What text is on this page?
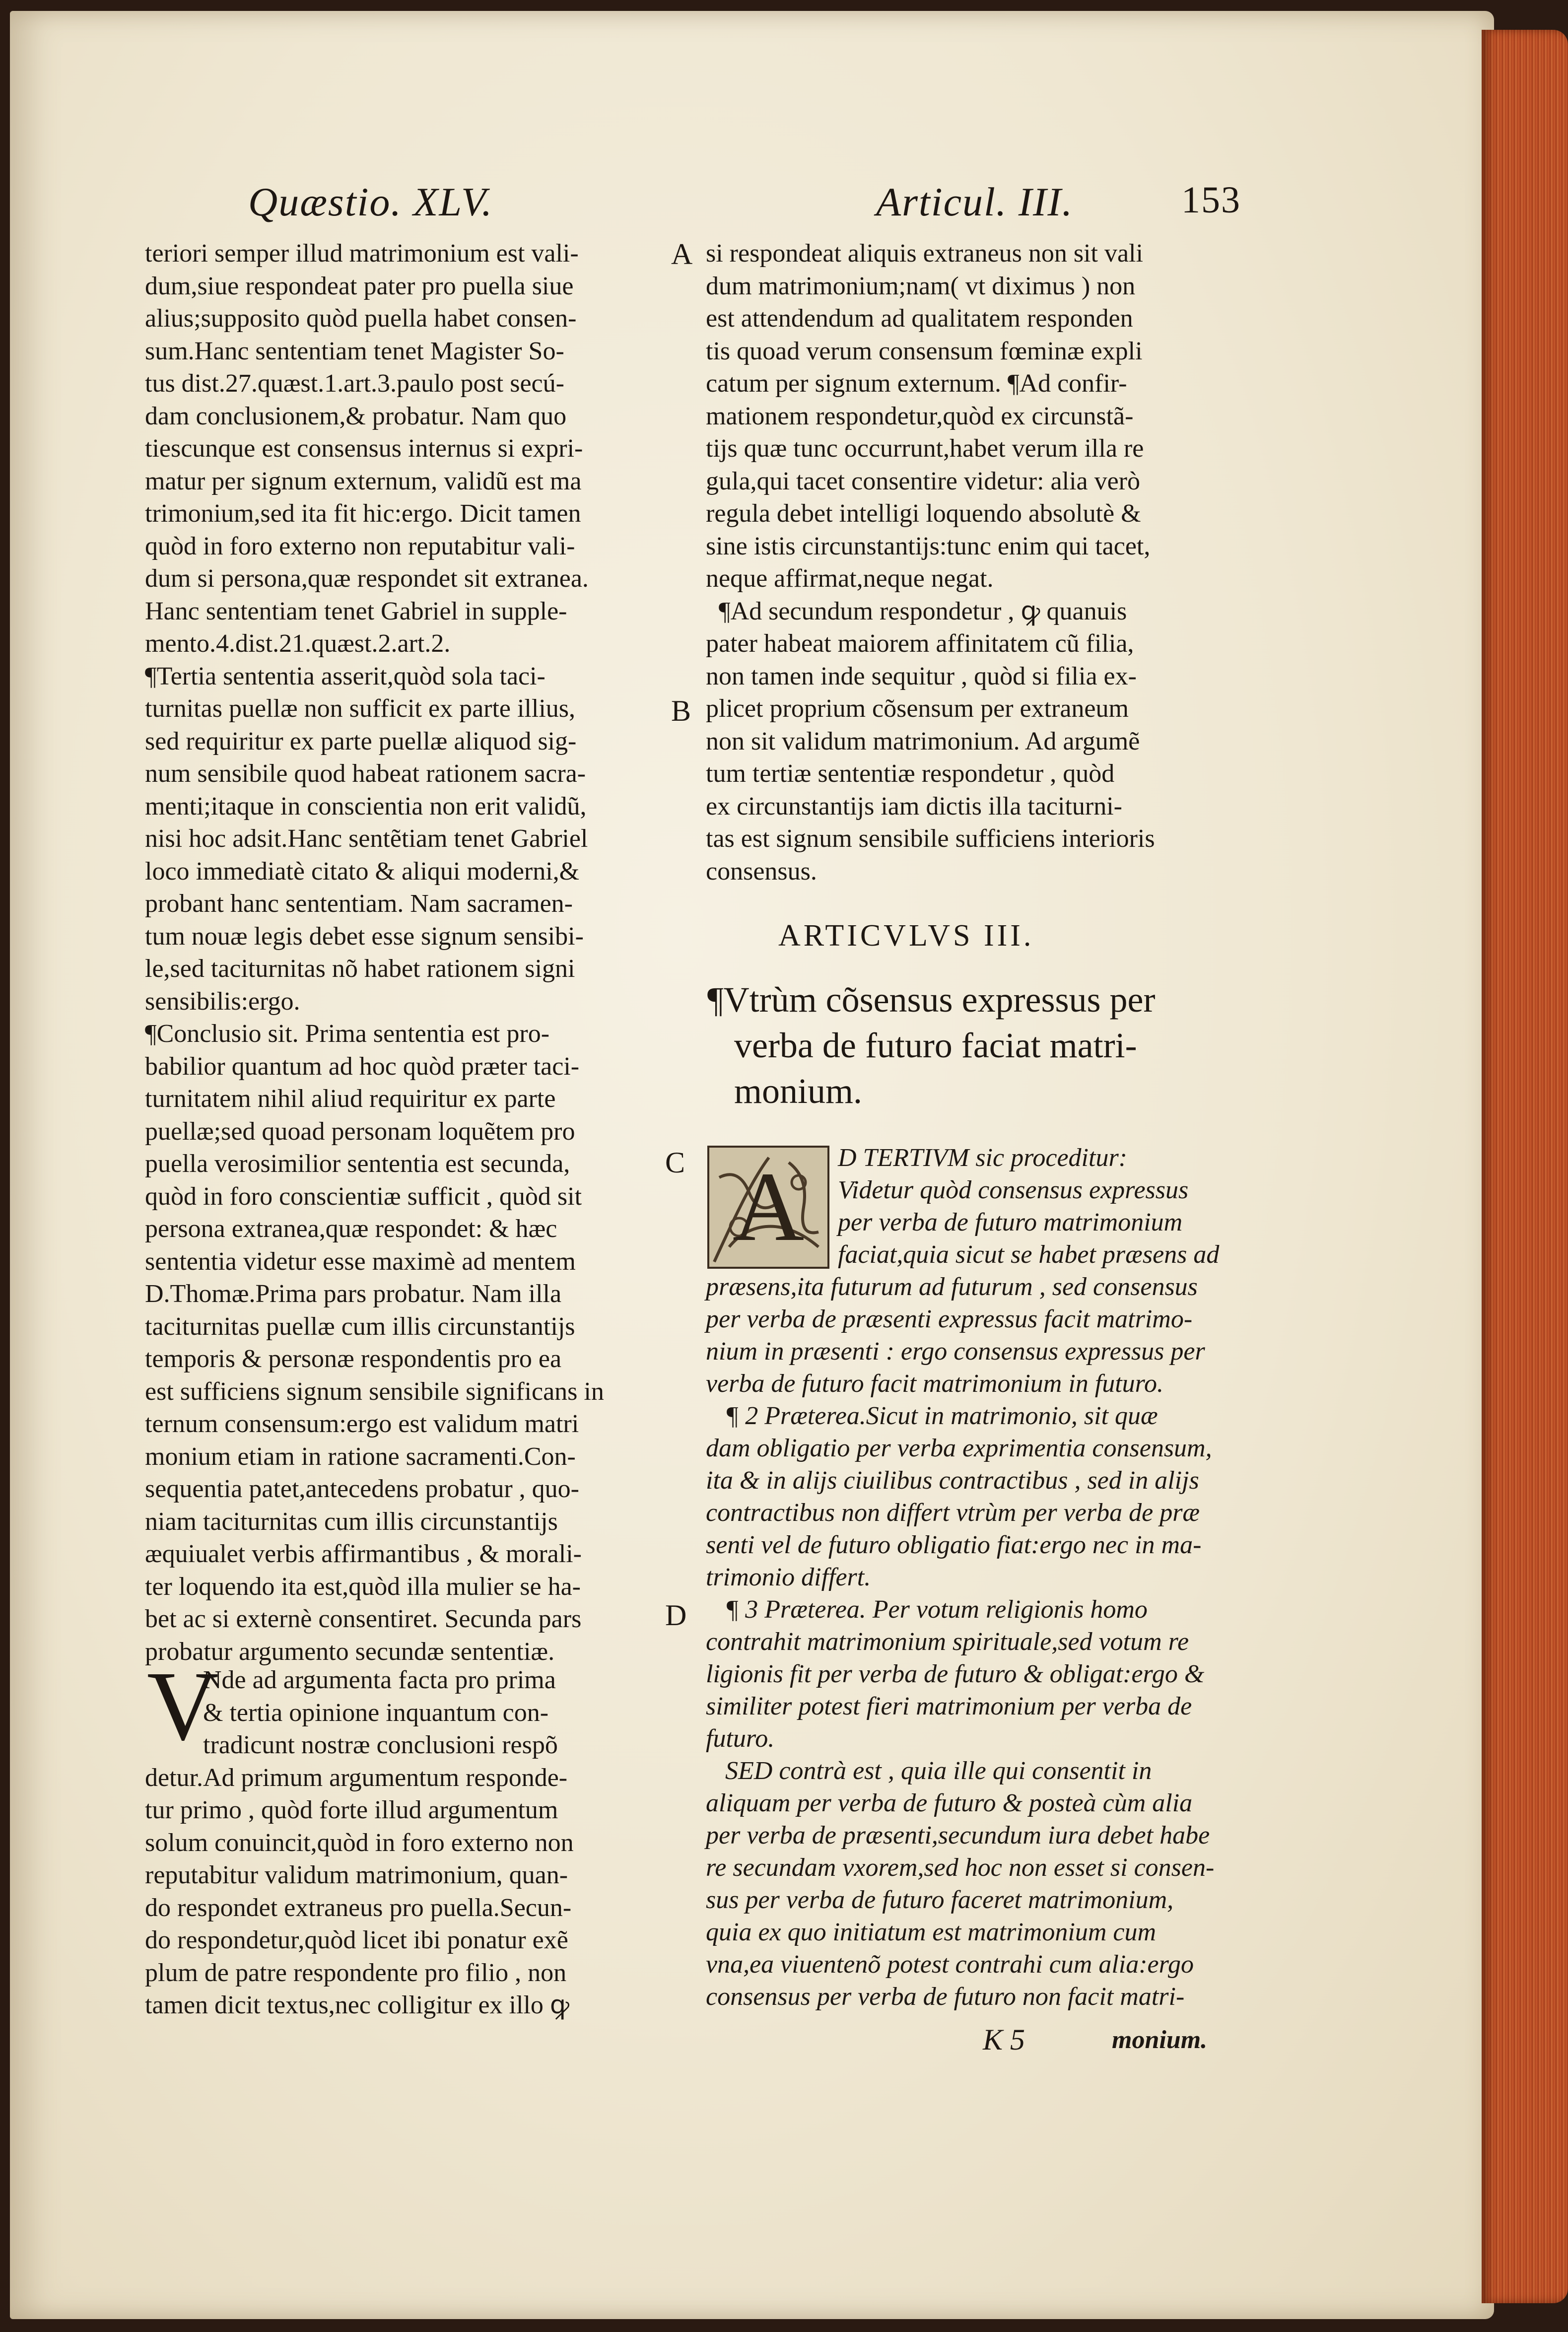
Quæstio. XLV.	Articul. III.	153
A
B
C
D

teriori semper illud matrimonium est vali-

dum,siue respondeat pater pro puella siue

alius;supposito quòd puella habet consen-

sum.Hanc sententiam tenet Magister So-

tus dist.27.quæst.1.art.3.paulo post secú-

dam conclusionem,& probatur. Nam quo

tiescunque est consensus internus si expri-

matur per signum externum, validũ est ma

trimonium,sed ita fit hic:ergo. Dicit tamen

quòd in foro externo non reputabitur vali-

dum si persona,quæ respondet sit extranea.

Hanc sententiam tenet Gabriel in supple-

mento.4.dist.21.quæst.2.art.2.

¶Tertia sententia asserit,quòd sola taci-

turnitas puellæ non sufficit ex parte illius,

sed requiritur ex parte puellæ aliquod sig-

num sensibile quod habeat rationem sacra-

menti;itaque in conscientia non erit validũ,

nisi hoc adsit.Hanc sentẽtiam tenet Gabriel

loco immediatè citato & aliqui moderni,&

probant hanc sententiam. Nam sacramen-

tum nouæ legis debet esse signum sensibi-

le,sed taciturnitas nõ habet rationem signi

sensibilis:ergo.

¶Conclusio sit. Prima sententia est pro-

babilior quantum ad hoc quòd præter taci-

turnitatem nihil aliud requiritur ex parte

puellæ;sed quoad personam loquẽtem pro

puella verosimilior sententia est secunda,

quòd in foro conscientiæ sufficit , quòd sit

persona extranea,quæ respondet: & hæc

sententia videtur esse maximè ad mentem

D.Thomæ.Prima pars probatur. Nam illa

taciturnitas puellæ cum illis circunstantijs

temporis & personæ respondentis pro ea

est sufficiens signum sensibile significans in

ternum consensum:ergo est validum matri

monium etiam in ratione sacramenti.Con-

sequentia patet,antecedens probatur , quo-

niam taciturnitas cum illis circunstantijs

æquiualet verbis affirmantibus , & morali-

ter loquendo ita est,quòd illa mulier se ha-

bet ac si externè consentiret. Secunda pars

probatur argumento secundæ sententiæ.

V

Nde ad argumenta facta pro prima

& tertia opinione inquantum con-

tradicunt nostræ conclusioni respõ

detur.Ad primum argumentum responde-

tur primo , quòd forte illud argumentum

solum conuincit,quòd in foro externo non

reputabitur validum matrimonium, quan-

do respondet extraneus pro puella.Secun-

do respondetur,quòd licet ibi ponatur exẽ

plum de patre respondente pro filio , non

tamen dicit textus,nec colligitur ex illo ꝙ

si respondeat aliquis extraneus non sit vali

dum matrimonium;nam( vt diximus ) non

est attendendum ad qualitatem responden

tis quoad verum consensum fœminæ expli

catum per signum externum. ¶Ad confir-

mationem respondetur,quòd ex circunstã-

tijs quæ tunc occurrunt,habet verum illa re

gula,qui tacet consentire videtur: alia verò

regula debet intelligi loquendo absolutè &

sine istis circunstantijs:tunc enim qui tacet,

neque affirmat,neque negat.

¶Ad secundum respondetur , ꝙ quanuis

pater habeat maiorem affinitatem cũ filia,

non tamen inde sequitur , quòd si filia ex-

plicet proprium cõsensum per extraneum

non sit validum matrimonium. Ad argumẽ

tum tertiæ sententiæ respondetur , quòd

ex circunstantijs iam dictis illa taciturni-

tas est signum sensibile sufficiens interioris

consensus.

ARTICVLVS III.
¶Vtrùm cõsensus expressus per
verba de futuro faciat matri-
monium.
A	D TERTIVM sic proceditur:

Videtur quòd consensus expressus

per verba de futuro matrimonium

faciat,quia sicut se habet præsens ad

præsens,ita futurum ad futurum , sed consensus

per verba de præsenti expressus facit matrimo-

nium in præsenti : ergo consensus expressus per

verba de futuro facit matrimonium in futuro.

¶ 2 Præterea.Sicut in matrimonio, sit quæ

dam obligatio per verba exprimentia consensum,

ita & in alijs ciuilibus contractibus , sed in alijs

contractibus non differt vtrùm per verba de præ

senti vel de futuro obligatio fiat:ergo nec in ma-

trimonio differt.

¶ 3 Præterea. Per votum religionis homo

contrahit matrimonium spirituale,sed votum re

ligionis fit per verba de futuro & obligat:ergo &

similiter potest fieri matrimonium per verba de

futuro.

SED contrà est , quia ille qui consentit in

aliquam per verba de futuro & posteà cùm alia

per verba de præsenti,secundum iura debet habe

re secundam vxorem,sed hoc non esset si consen-

sus per verba de futuro faceret matrimonium,

quia ex quo initiatum est matrimonium cum

vna,ea viuentenõ potest contrahi cum alia:ergo

consensus per verba de futuro non facit matri-

K 5	monium.
